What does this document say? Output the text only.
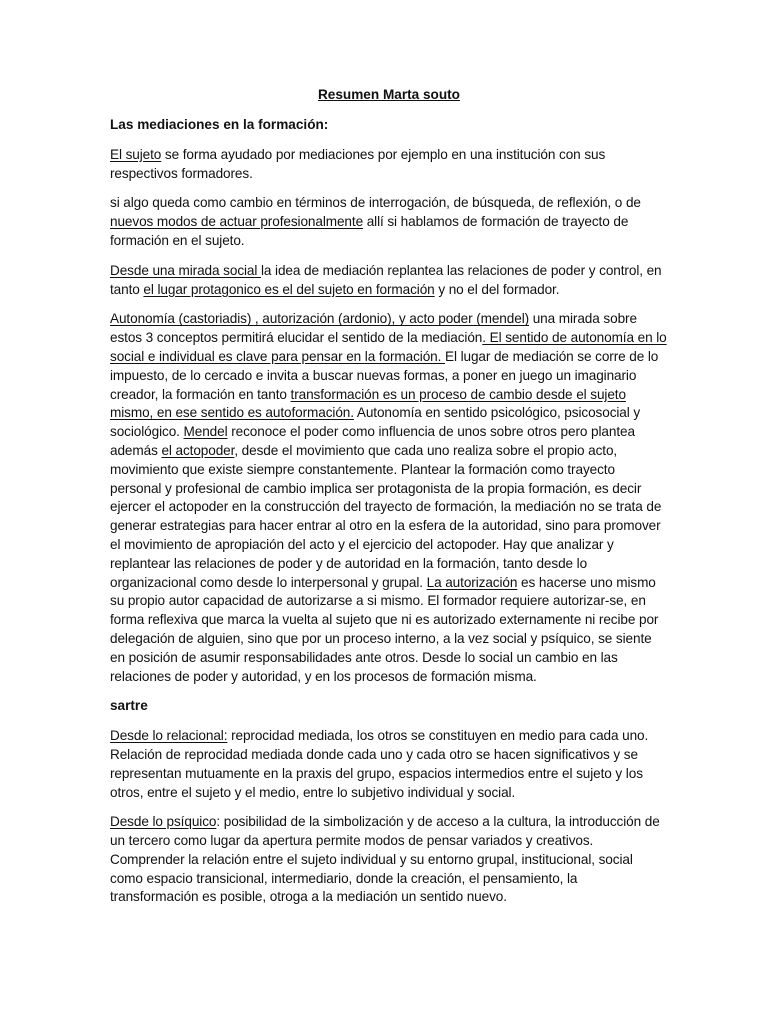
Resumen Marta souto
Las mediaciones en la formación:

El sujeto se forma ayudado por mediaciones por ejemplo en una institución con sus respectivos formadores.

si algo queda como cambio en términos de interrogación, de búsqueda, de reflexión, o de nuevos modos de actuar profesionalmente allí si hablamos de formación de trayecto de formación en el sujeto.

Desde una mirada social la idea de mediación replantea las relaciones de poder y control, en tanto el lugar protagonico es el del sujeto en formación y no el del formador.

Autonomía (castoriadis) , autorización (ardonio), y acto poder (mendel) una mirada sobre estos 3 conceptos permitirá elucidar el sentido de la mediación. El sentido de autonomía en lo social e individual es clave para pensar en la formación. El lugar de mediación se corre de lo impuesto, de lo cercado e invita a buscar nuevas formas, a poner en juego un imaginario creador, la formación en tanto transformación es un proceso de cambio desde el sujeto mismo, en ese sentido es autoformación. Autonomía en sentido psicológico, psicosocial y sociológico. Mendel reconoce el poder como influencia de unos sobre otros pero plantea además el actopoder, desde el movimiento que cada uno realiza sobre el propio acto, movimiento que existe siempre constantemente. Plantear la formación como trayecto personal y profesional de cambio implica ser protagonista de la propia formación, es decir ejercer el actopoder en la construcción del trayecto de formación, la mediación no se trata de generar estrategias para hacer entrar al otro en la esfera de la autoridad, sino para promover el movimiento de apropiación del acto y el ejercicio del actopoder. Hay que analizar y replantear las relaciones de poder y de autoridad en la formación, tanto desde lo organizacional como desde lo interpersonal y grupal. La autorización es hacerse uno mismo su propio autor capacidad de autorizarse a si mismo. El formador requiere autorizar-se, en forma reflexiva que marca la vuelta al sujeto que ni es autorizado externamente ni recibe por delegación de alguien, sino que por un proceso interno, a la vez social y psíquico, se siente en posición de asumir responsabilidades ante otros. Desde lo social un cambio en las relaciones de poder y autoridad, y en los procesos de formación misma.

sartre

Desde lo relacional: reprocidad mediada, los otros se constituyen en medio para cada uno. Relación de reprocidad mediada donde cada uno y cada otro se hacen significativos y se representan mutuamente en la praxis del grupo, espacios intermedios entre el sujeto y los otros, entre el sujeto y el medio, entre lo subjetivo individual y social.

Desde lo psíquico: posibilidad de la simbolización y de acceso a la cultura, la introducción de un tercero como lugar da apertura permite modos de pensar variados y creativos. Comprender la relación entre el sujeto individual y su entorno grupal, institucional, social como espacio transicional, intermediario, donde la creación, el pensamiento, la transformación es posible, otroga a la mediación un sentido nuevo.
